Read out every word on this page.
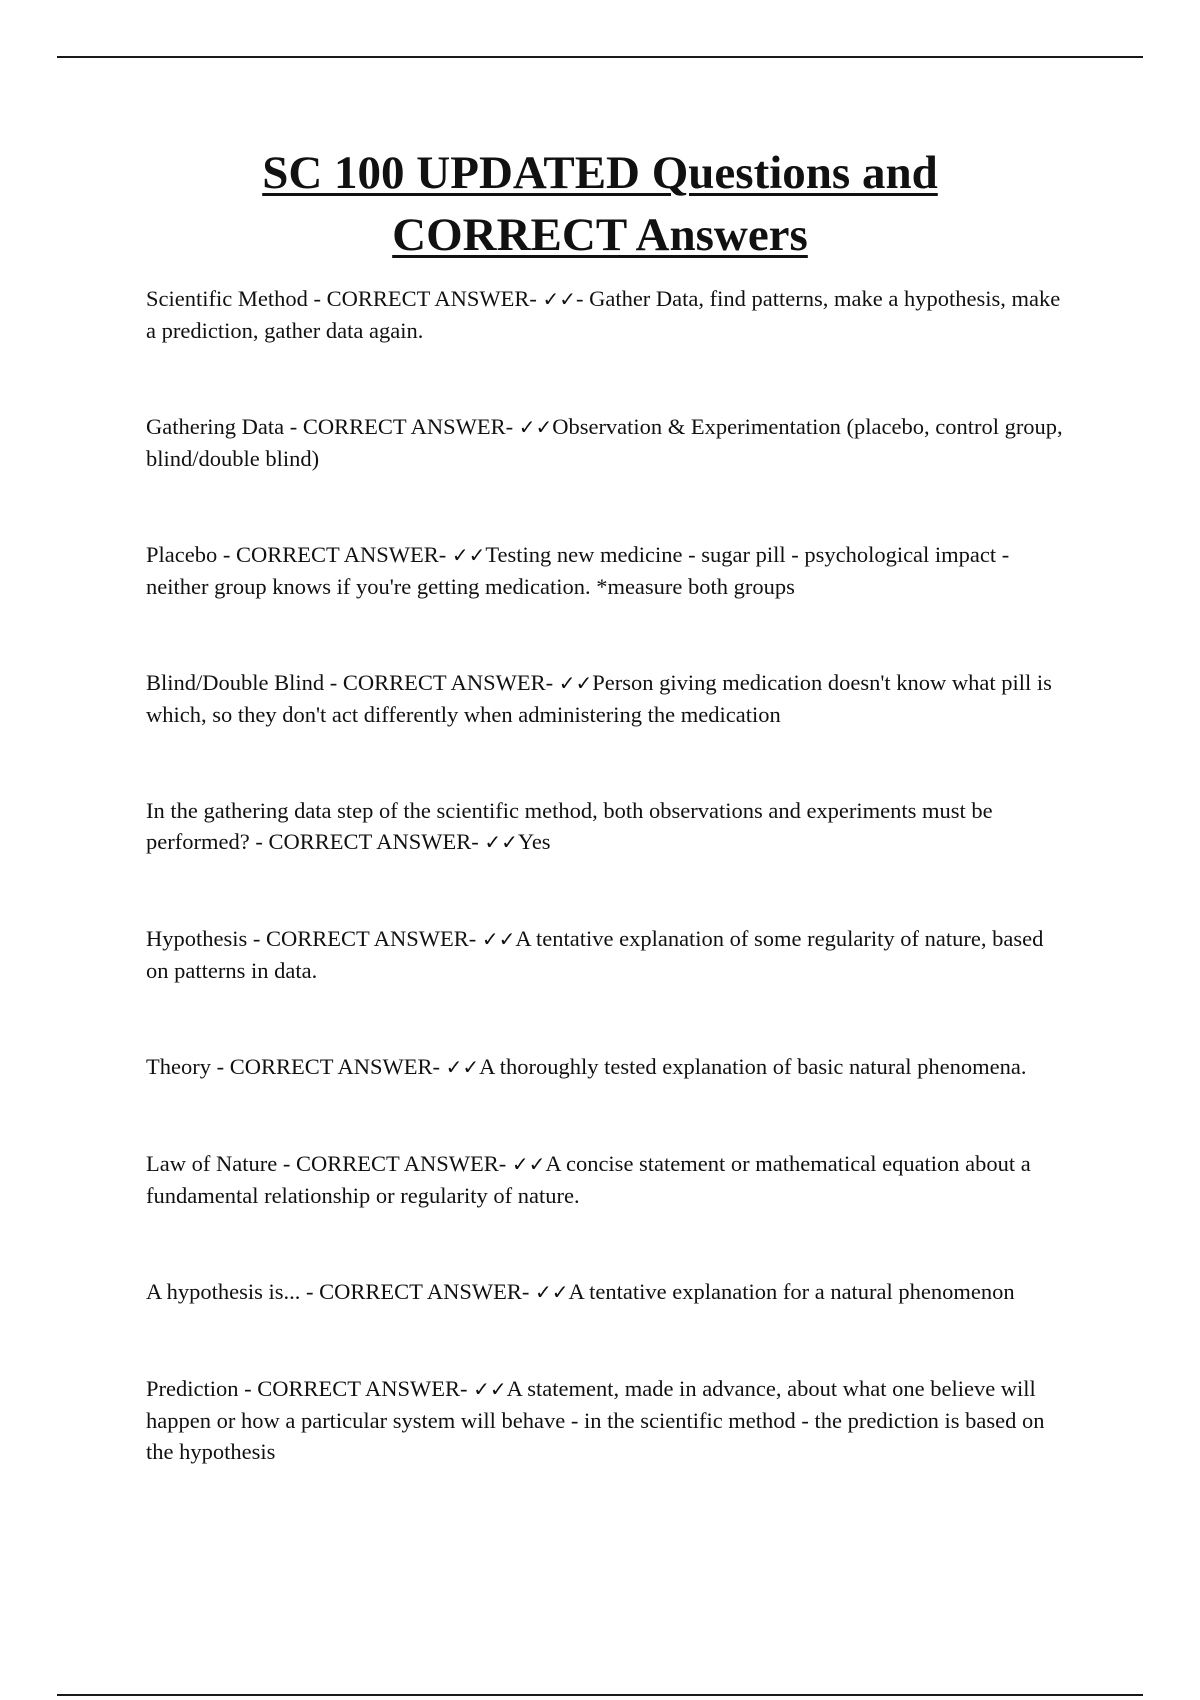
SC 100 UPDATED Questions and
CORRECT Answers
Scientific Method - CORRECT ANSWER- ✓✓- Gather Data, find patterns, make a hypothesis, make a prediction, gather data again.
Gathering Data - CORRECT ANSWER- ✓✓Observation & Experimentation (placebo, control group, blind/double blind)
Placebo - CORRECT ANSWER- ✓✓Testing new medicine - sugar pill - psychological impact - neither group knows if you're getting medication. *measure both groups
Blind/Double Blind - CORRECT ANSWER- ✓✓Person giving medication doesn't know what pill is which, so they don't act differently when administering the medication
In the gathering data step of the scientific method, both observations and experiments must be performed? - CORRECT ANSWER- ✓✓Yes
Hypothesis - CORRECT ANSWER- ✓✓A tentative explanation of some regularity of nature, based on patterns in data.
Theory - CORRECT ANSWER- ✓✓A thoroughly tested explanation of basic natural phenomena.
Law of Nature - CORRECT ANSWER- ✓✓A concise statement or mathematical equation about a fundamental relationship or regularity of nature.
A hypothesis is... - CORRECT ANSWER- ✓✓A tentative explanation for a natural phenomenon
Prediction - CORRECT ANSWER- ✓✓A statement, made in advance, about what one believe will happen or how a particular system will behave - in the scientific method - the prediction is based on the hypothesis
